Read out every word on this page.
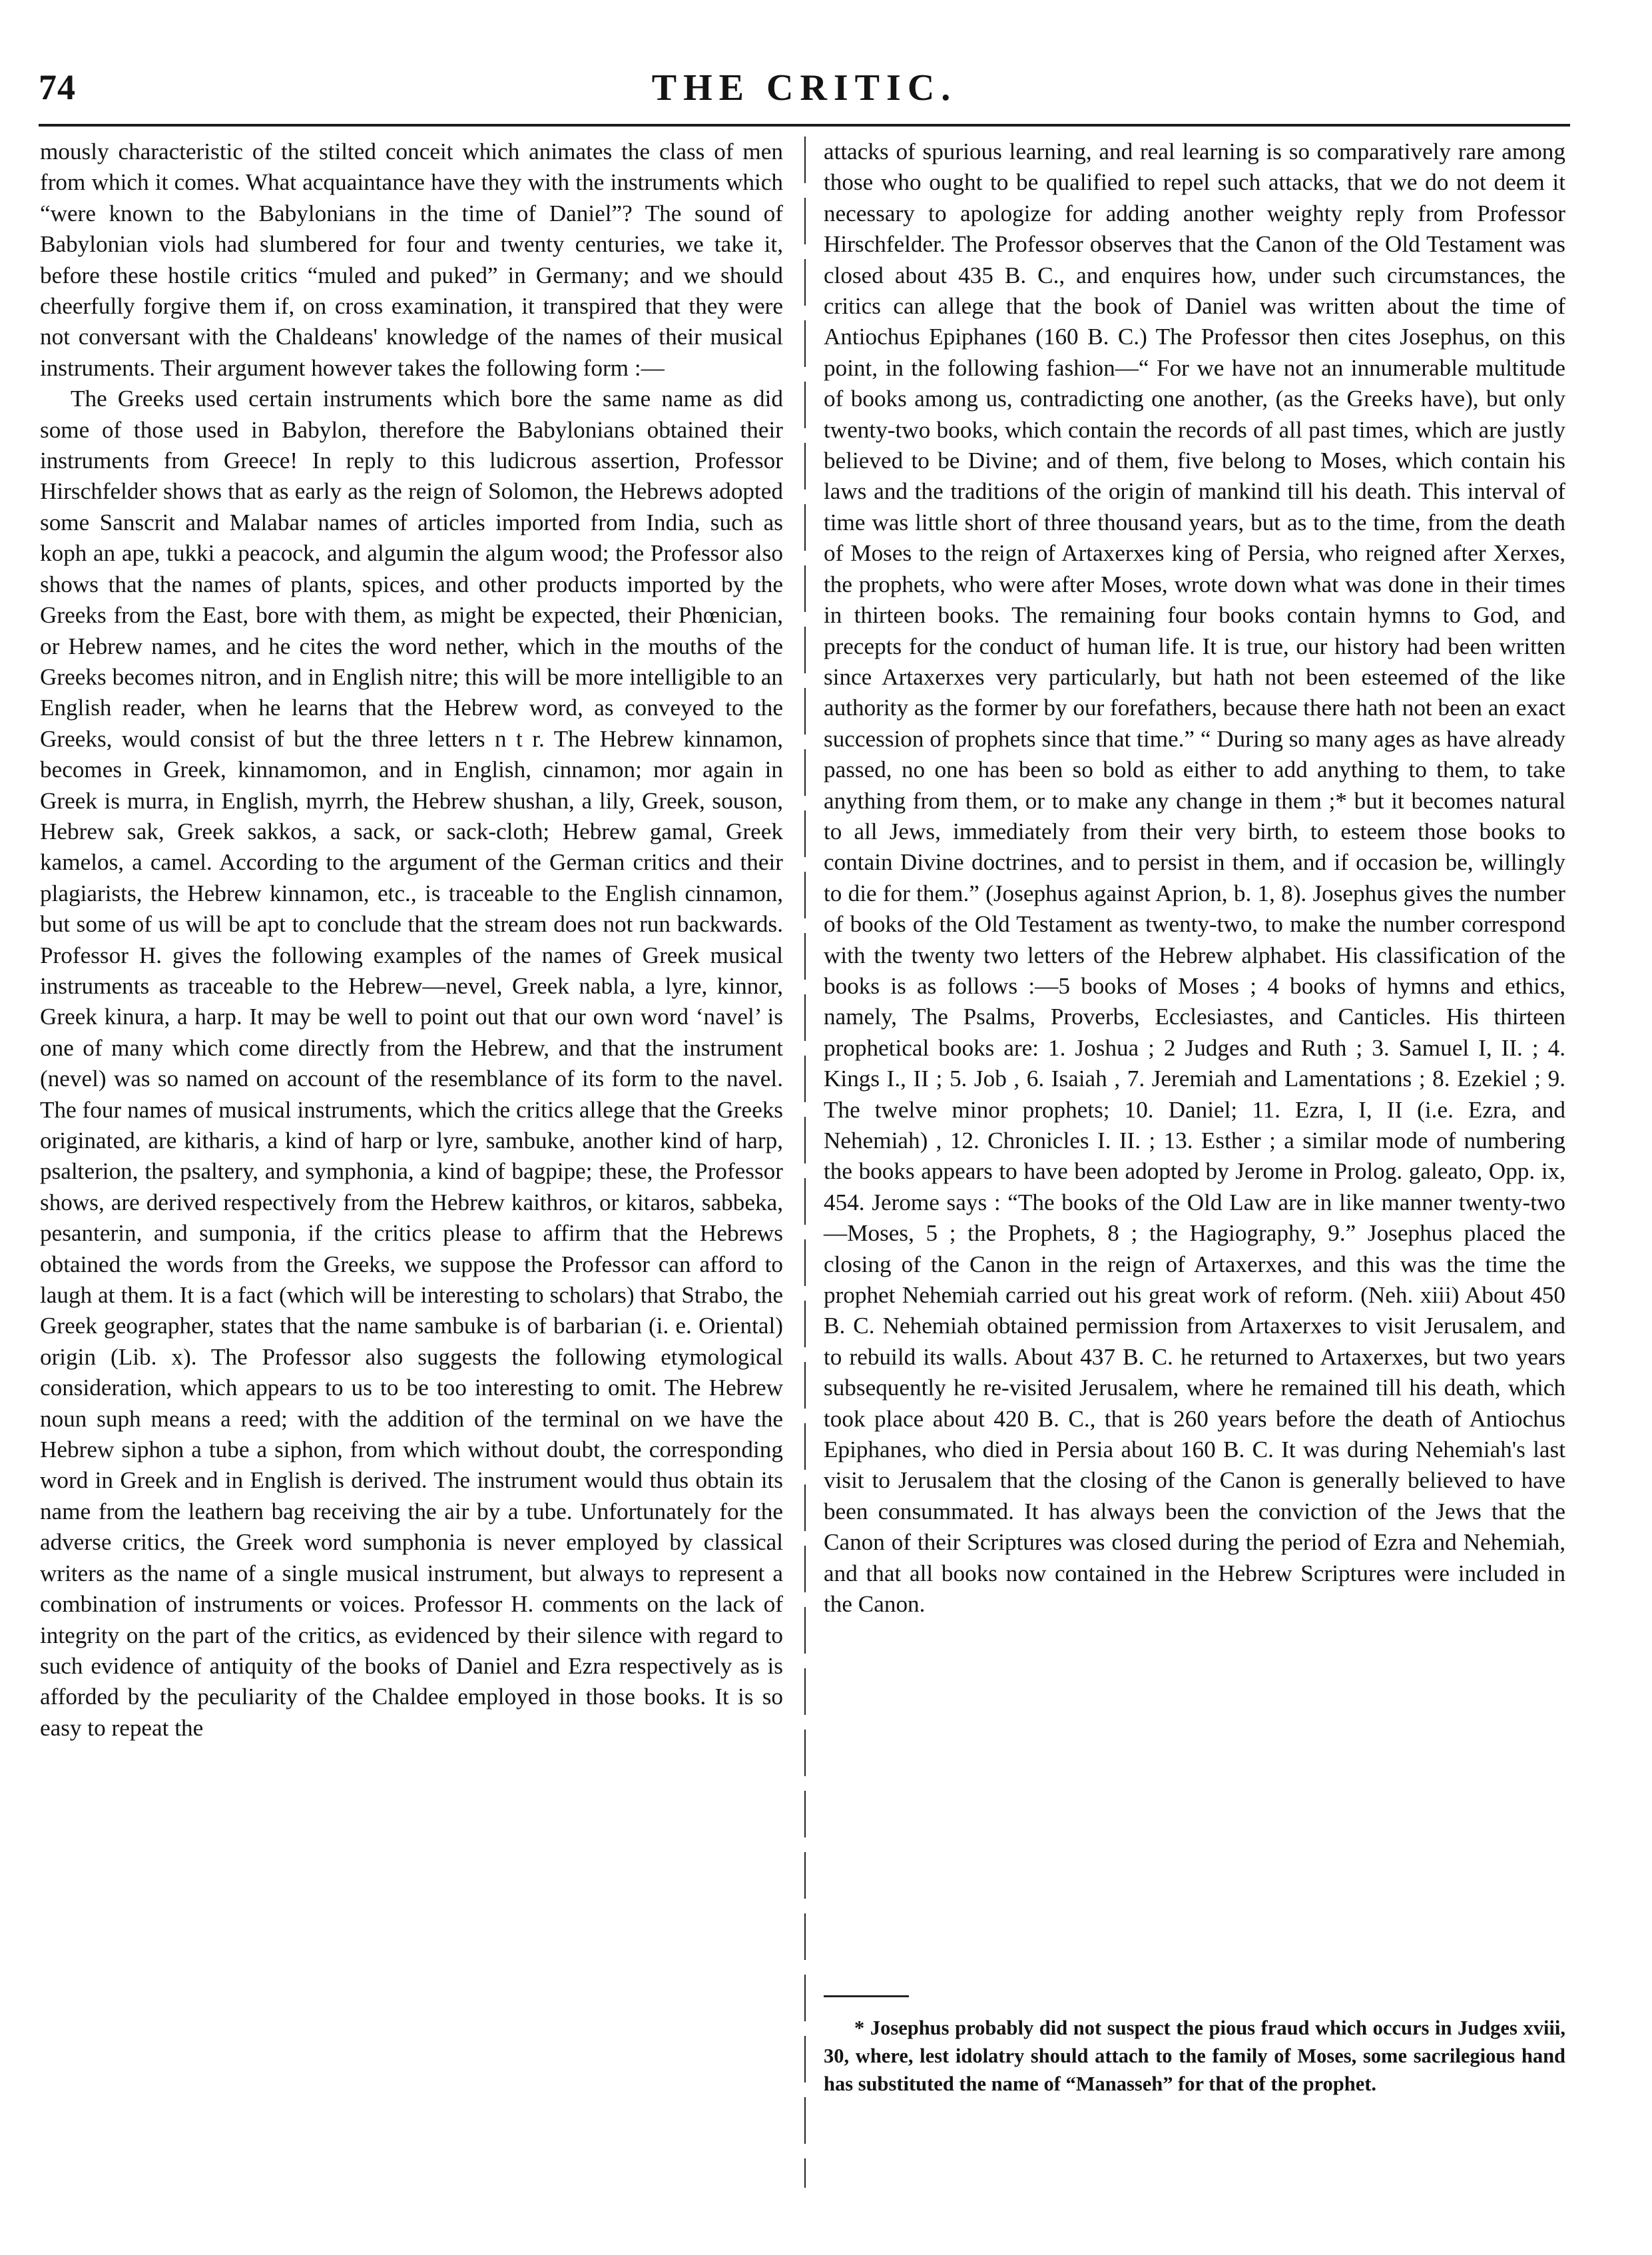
74	THE CRITIC.

mously characteristic of the stilted conceit which animates the class of men from which it comes. What acquaintance have they with the instruments which “were known to the Babylonians in the time of Daniel”? The sound of Babylonian viols had slumbered for four and twenty centuries, we take it, before these hostile critics “muled and puked” in Germany; and we should cheerfully forgive them if, on cross examination, it transpired that they were not conversant with the Chaldeans' knowledge of the names of their musical instruments. Their argument however takes the following form :—

The Greeks used certain instruments which bore the same name as did some of those used in Babylon, therefore the Babylonians obtained their instruments from Greece! In reply to this ludicrous assertion, Professor Hirschfelder shows that as early as the reign of Solomon, the Hebrews adopted some Sanscrit and Malabar names of articles imported from India, such as koph an ape, tukki a peacock, and algumin the algum wood; the Professor also shows that the names of plants, spices, and other products imported by the Greeks from the East, bore with them, as might be expected, their Phœnician, or Hebrew names, and he cites the word nether, which in the mouths of the Greeks becomes nitron, and in English nitre; this will be more intelligible to an English reader, when he learns that the Hebrew word, as conveyed to the Greeks, would consist of but the three letters n t r. The Hebrew kinnamon, becomes in Greek, kinnamomon, and in English, cinnamon; mor again in Greek is murra, in English, myrrh, the Hebrew shushan, a lily, Greek, souson, Hebrew sak, Greek sakkos, a sack, or sack-cloth; Hebrew gamal, Greek kamelos, a camel. According to the argument of the German critics and their plagiarists, the Hebrew kinnamon, etc., is traceable to the English cinnamon, but some of us will be apt to conclude that the stream does not run backwards. Professor H. gives the following examples of the names of Greek musical instruments as traceable to the Hebrew—nevel, Greek nabla, a lyre, kinnor, Greek kinura, a harp. It may be well to point out that our own word ‘navel’ is one of many which come directly from the Hebrew, and that the instrument (nevel) was so named on account of the resemblance of its form to the navel. The four names of musical instruments, which the critics allege that the Greeks originated, are kitharis, a kind of harp or lyre, sambuke, another kind of harp, psalterion, the psaltery, and symphonia, a kind of bagpipe; these, the Professor shows, are derived respectively from the Hebrew kaithros, or kitaros, sabbeka, pesanterin, and sumponia, if the critics please to affirm that the Hebrews obtained the words from the Greeks, we suppose the Professor can afford to laugh at them. It is a fact (which will be interesting to scholars) that Strabo, the Greek geographer, states that the name sambuke is of barbarian (i. e. Oriental) origin (Lib. x). The Professor also suggests the following etymological consideration, which appears to us to be too interesting to omit. The Hebrew noun suph means a reed; with the addition of the terminal on we have the Hebrew siphon a tube a siphon, from which without doubt, the corresponding word in Greek and in English is derived. The instrument would thus obtain its name from the leathern bag receiving the air by a tube. Unfortunately for the adverse critics, the Greek word sumphonia is never employed by classical writers as the name of a single musical instrument, but always to represent a combination of instruments or voices. Professor H. comments on the lack of integrity on the part of the critics, as evidenced by their silence with regard to such evidence of antiquity of the books of Daniel and Ezra respectively as is afforded by the peculiarity of the Chaldee employed in those books. It is so easy to repeat the

attacks of spurious learning, and real learning is so comparatively rare among those who ought to be qualified to repel such attacks, that we do not deem it necessary to apologize for adding another weighty reply from Professor Hirschfelder. The Professor observes that the Canon of the Old Testament was closed about 435 B. C., and enquires how, under such circumstances, the critics can allege that the book of Daniel was written about the time of Antiochus Epiphanes (160 B. C.) The Professor then cites Josephus, on this point, in the following fashion—“ For we have not an innumerable multitude of books among us, contradicting one another, (as the Greeks have), but only twenty-two books, which contain the records of all past times, which are justly believed to be Divine; and of them, five belong to Moses, which contain his laws and the traditions of the origin of mankind till his death. This interval of time was little short of three thousand years, but as to the time, from the death of Moses to the reign of Artaxerxes king of Persia, who reigned after Xerxes, the prophets, who were after Moses, wrote down what was done in their times in thirteen books. The remaining four books contain hymns to God, and precepts for the conduct of human life. It is true, our history had been written since Artaxerxes very particularly, but hath not been esteemed of the like authority as the former by our forefathers, because there hath not been an exact succession of prophets since that time.” “ During so many ages as have already passed, no one has been so bold as either to add anything to them, to take anything from them, or to make any change in them ;* but it becomes natural to all Jews, immediately from their very birth, to esteem those books to contain Divine doctrines, and to persist in them, and if occasion be, willingly to die for them.” (Josephus against Aprion, b. 1, 8). Josephus gives the number of books of the Old Testament as twenty-two, to make the number correspond with the twenty two letters of the Hebrew alphabet. His classification of the books is as follows :—5 books of Moses ; 4 books of hymns and ethics, namely, The Psalms, Proverbs, Ecclesiastes, and Canticles. His thirteen prophetical books are: 1. Joshua ; 2 Judges and Ruth ; 3. Samuel I, II. ; 4. Kings I., II ; 5. Job , 6. Isaiah , 7. Jeremiah and Lamentations ; 8. Ezekiel ; 9. The twelve minor prophets; 10. Daniel; 11. Ezra, I, II (i.e. Ezra, and Nehemiah) , 12. Chronicles I. II. ; 13. Esther ; a similar mode of numbering the books appears to have been adopted by Jerome in Prolog. galeato, Opp. ix, 454. Jerome says : “The books of the Old Law are in like manner twenty-two—Moses, 5 ; the Prophets, 8 ; the Hagiography, 9.” Josephus placed the closing of the Canon in the reign of Artaxerxes, and this was the time the prophet Nehemiah carried out his great work of reform. (Neh. xiii) About 450 B. C. Nehemiah obtained permission from Artaxerxes to visit Jerusalem, and to rebuild its walls. About 437 B. C. he returned to Artaxerxes, but two years subsequently he re-visited Jerusalem, where he remained till his death, which took place about 420 B. C., that is 260 years before the death of Antiochus Epiphanes, who died in Persia about 160 B. C. It was during Nehemiah's last visit to Jerusalem that the closing of the Canon is generally believed to have been consummated. It has always been the conviction of the Jews that the Canon of their Scriptures was closed during the period of Ezra and Nehemiah, and that all books now contained in the Hebrew Scriptures were included in the Canon.

* Josephus probably did not suspect the pious fraud which occurs in Judges xviii, 30, where, lest idolatry should attach to the family of Moses, some sacrilegious hand has substituted the name of “Manasseh” for that of the prophet.
